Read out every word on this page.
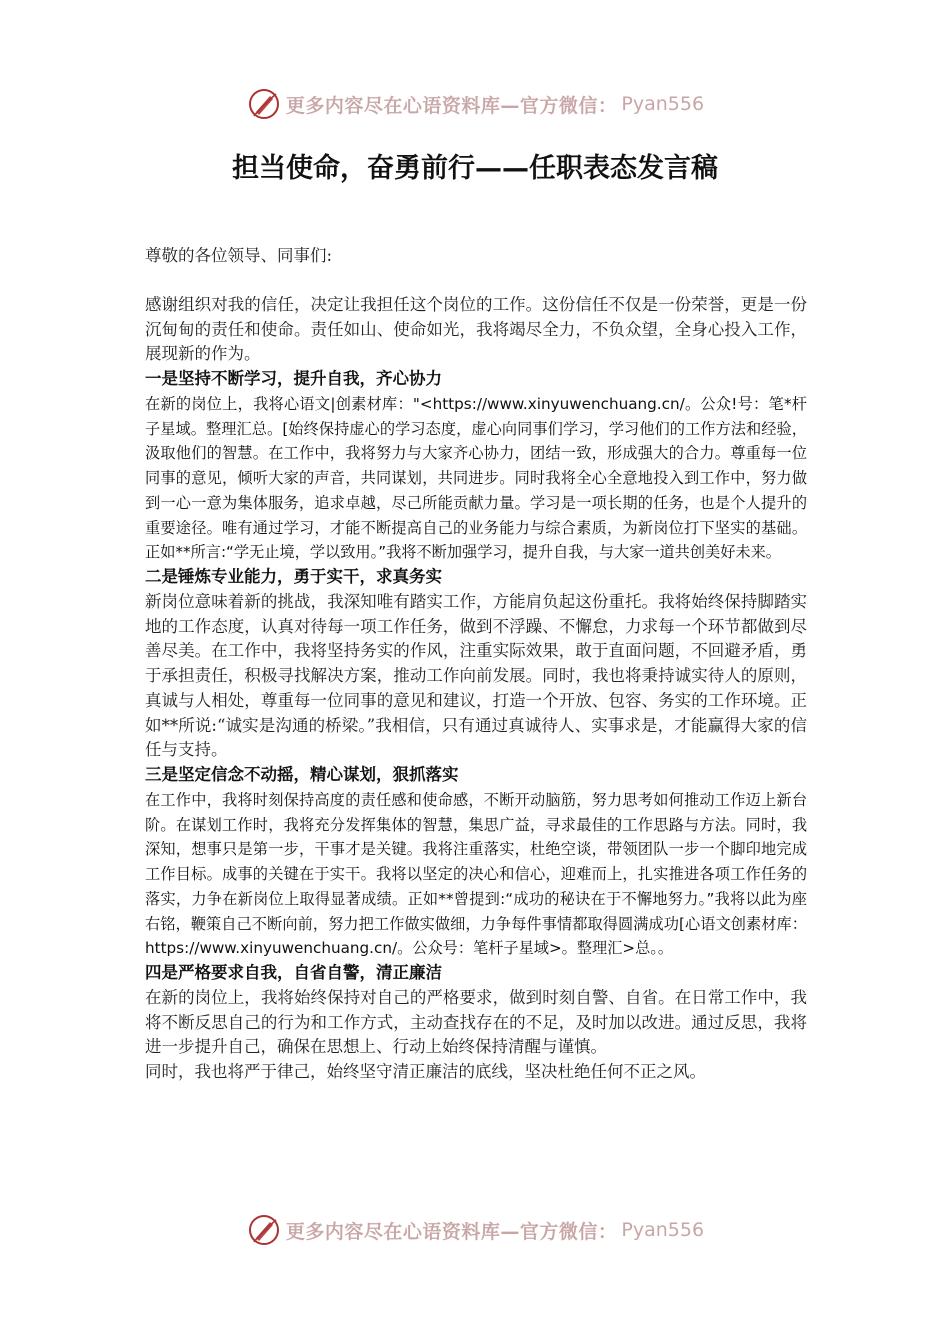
更多内容尽在心语资料库—官方微信： Pyan556
担当使命，奋勇前行——任职表态发言稿

尊敬的各位领导、同事们:

感谢组织对我的信任，决定让我担任这个岗位的工作。这份信任不仅是一份荣誉，更是一份沉甸甸的责任和使命。责任如山、使命如光，我将竭尽全力，不负众望，全身心投入工作，展现新的作为。

一是坚持不断学习，提升自我，齐心协力

在新的岗位上，我将心语文|创素材库："<https://www.xinyuwenchuang.cn/。公众!号：笔*杆子星域。整理汇总。[始终保持虚心的学习态度，虚心向同事们学习，学习他们的工作方法和经验，汲取他们的智慧。在工作中，我将努力与大家齐心协力，团结一致，形成强大的合力。尊重每一位同事的意见，倾听大家的声音，共同谋划，共同进步。同时我将全心全意地投入到工作中，努力做到一心一意为集体服务，追求卓越，尽己所能贡献力量。学习是一项长期的任务，也是个人提升的重要途径。唯有通过学习，才能不断提高自己的业务能力与综合素质，为新岗位打下坚实的基础。正如**所言:“学无止境，学以致用。”我将不断加强学习，提升自我，与大家一道共创美好未来。

二是锤炼专业能力，勇于实干，求真务实

新岗位意味着新的挑战，我深知唯有踏实工作，方能肩负起这份重托。我将始终保持脚踏实地的工作态度，认真对待每一项工作任务，做到不浮躁、不懈怠，力求每一个环节都做到尽善尽美。在工作中，我将坚持务实的作风，注重实际效果，敢于直面问题，不回避矛盾，勇于承担责任，积极寻找解决方案，推动工作向前发展。同时，我也将秉持诚实待人的原则，真诚与人相处，尊重每一位同事的意见和建议，打造一个开放、包容、务实的工作环境。正如**所说:“诚实是沟通的桥梁。”我相信，只有通过真诚待人、实事求是，才能赢得大家的信任与支持。

三是坚定信念不动摇，精心谋划，狠抓落实

在工作中，我将时刻保持高度的责任感和使命感，不断开动脑筋，努力思考如何推动工作迈上新台阶。在谋划工作时，我将充分发挥集体的智慧，集思广益，寻求最佳的工作思路与方法。同时，我深知，想事只是第一步，干事才是关键。我将注重落实，杜绝空谈，带领团队一步一个脚印地完成工作目标。成事的关键在于实干。我将以坚定的决心和信心，迎难而上，扎实推进各项工作任务的落实，力争在新岗位上取得显著成绩。正如**曾提到:“成功的秘诀在于不懈地努力。”我将以此为座右铭，鞭策自己不断向前，努力把工作做实做细，力争每件事情都取得圆满成功[心语文创素材库：https://www.xinyuwenchuang.cn/。公众号：笔杆子星域>。整理汇>总。。

四是严格要求自我，自省自警，清正廉洁

在新的岗位上，我将始终保持对自己的严格要求，做到时刻自警、自省。在日常工作中，我将不断反思自己的行为和工作方式，主动查找存在的不足，及时加以改进。通过反思，我将进一步提升自己，确保在思想上、行动上始终保持清醒与谨慎。

同时，我也将严于律己，始终坚守清正廉洁的底线，坚决杜绝任何不正之风。

更多内容尽在心语资料库—官方微信： Pyan556
